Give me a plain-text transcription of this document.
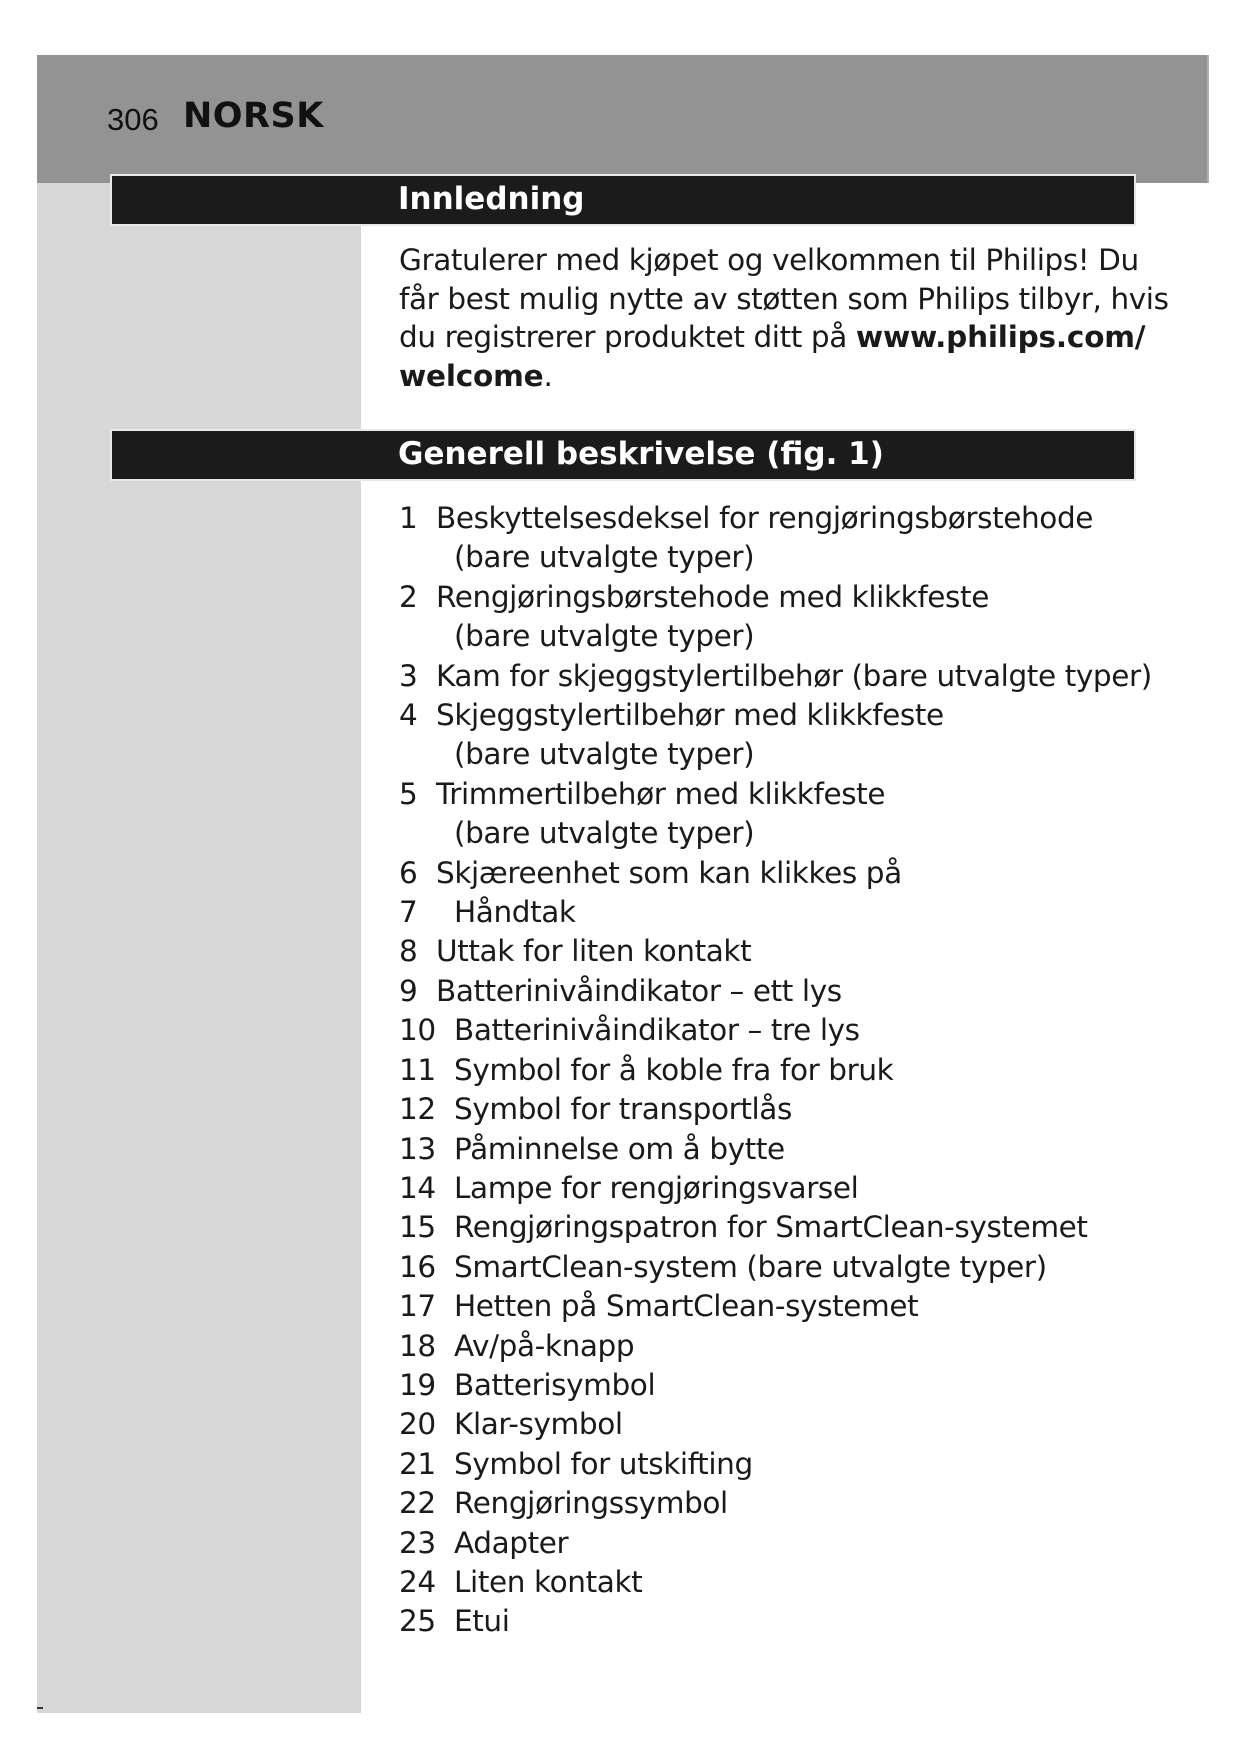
306 NORSK
Innledning
Gratulerer med kjøpet og velkommen til Philips! Du
får best mulig nytte av støtten som Philips tilbyr, hvis
du registrerer produktet ditt på www.philips.com/
welcome.
Generell beskrivelse (fig. 1)
1 Beskyttelsesdeksel for rengjøringsbørstehode
(bare utvalgte typer)
2 Rengjøringsbørstehode med klikkfeste
(bare utvalgte typer)
3 Kam for skjeggstylertilbehør (bare utvalgte typer)
4 Skjeggstylertilbehør med klikkfeste
(bare utvalgte typer)
5 Trimmertilbehør med klikkfeste
(bare utvalgte typer)
6 Skjæreenhet som kan klikkes på
7 Håndtak
8 Uttak for liten kontakt
9 Batterinivåindikator – ett lys
10 Batterinivåindikator – tre lys
11 Symbol for å koble fra for bruk
12 Symbol for transportlås
13 Påminnelse om å bytte
14 Lampe for rengjøringsvarsel
15 Rengjøringspatron for SmartClean-systemet
16 SmartClean-system (bare utvalgte typer)
17 Hetten på SmartClean-systemet
18 Av/på-knapp
19 Batterisymbol
20 Klar-symbol
21 Symbol for utskifting
22 Rengjøringssymbol
23 Adapter
24 Liten kontakt
25 Etui
